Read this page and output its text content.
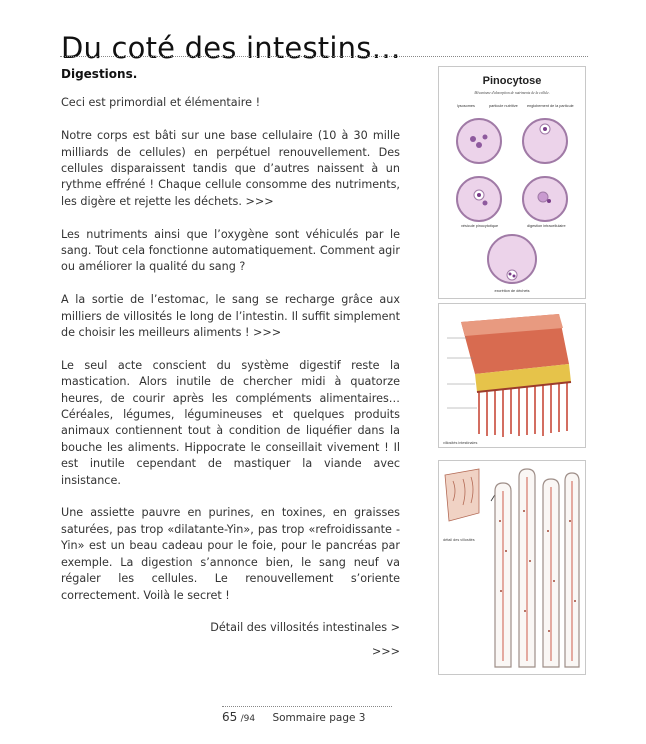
Du coté des intestins…
Digestions.

Ceci est primordial et élémentaire !

Notre corps est bâti sur une base cellulaire (10 à 30 mille milliards de cellules) en perpétuel renouvellement. Des cellules disparaissent tandis que d’autres naissent à un rythme effréné ! Chaque cellule consomme des nutriments, les digère et rejette les déchets. >>>

Les nutriments ainsi que l’oxygène sont véhiculés par le sang. Tout cela fonctionne automatiquement. Comment agir ou améliorer la qualité du sang ?

A la sortie de l’estomac, le sang se recharge grâce aux milliers de villosités le long de l’intestin. Il suffit simplement de choisir les meilleurs aliments ! >>>

Le seul acte conscient du système digestif reste la mastication. Alors inutile de chercher midi à quatorze heures, de courir après les compléments alimentaires… Céréales, légumes, légumineuses et quelques produits animaux contiennent tout à condition de liquéfier dans la bouche les aliments. Hippocrate le conseillait vivement ! Il est inutile cependant de mastiquer la viande avec insistance.

Une assiette pauvre en purines, en toxines, en graisses saturées, pas trop «dilatante-Yin», pas trop «refroidissante - Yin» est un beau cadeau pour le foie, pour le pancréas par exemple. La digestion s’annonce bien, le sang neuf va régaler les cellules. Le renouvellement s’oriente correctement. Voilà le secret !

Détail des villosités intestinales >

>>>
Pinocytose
Mécanisme d'absorption de nutriments de la cellule.
lysosomes	particule nutritive englobement de la particule
vésicule pinocytotique	digestion intracellulaire
excrétion de déchets
villosités intestinales
détail des villosités
65 /94 Sommaire page 3
